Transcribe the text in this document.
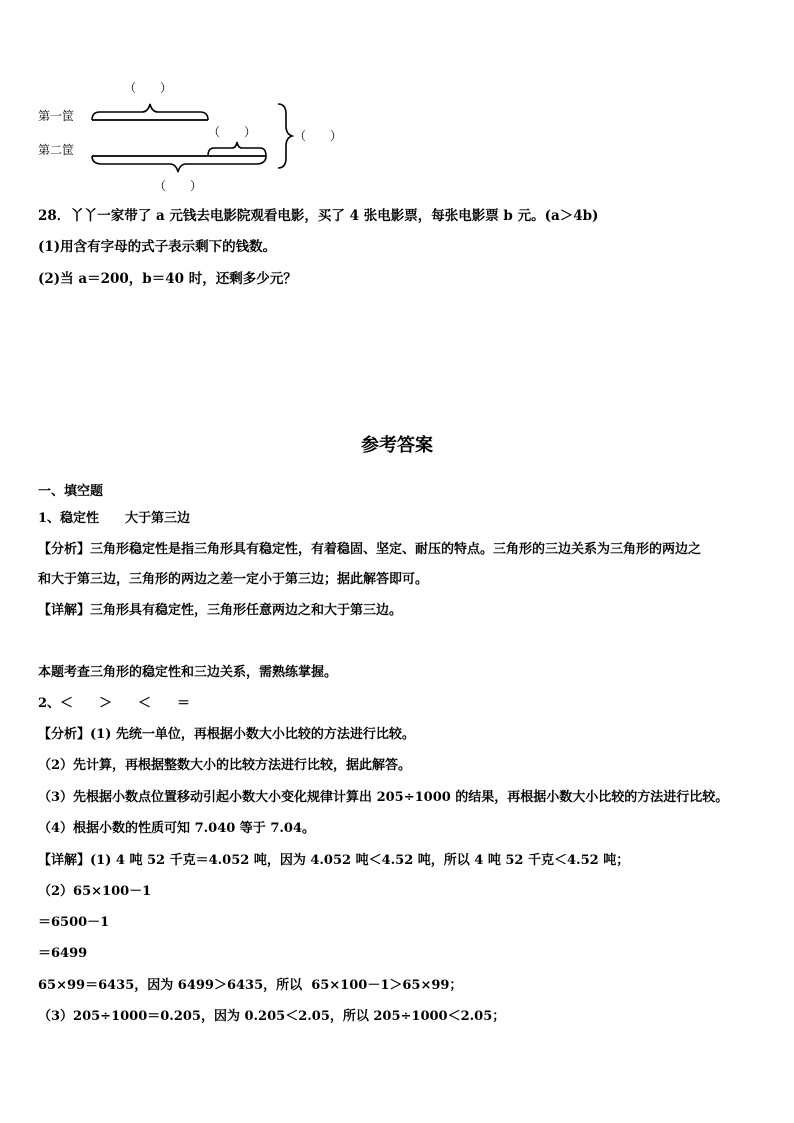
第一筐
第二筐
（　　）
（　　）
（　　）
（　　）
28．丫丫一家带了 a 元钱去电影院观看电影，买了 4 张电影票，每张电影票 b 元。(a＞4b)
(1)用含有字母的式子表示剩下的钱数。
(2)当 a＝200，b＝40 时，还剩多少元？
参考答案
一、填空题
1、稳定性　　大于第三边
【分析】三角形稳定性是指三角形具有稳定性，有着稳固、坚定、耐压的特点。三角形的三边关系为三角形的两边之
和大于第三边，三角形的两边之差一定小于第三边；据此解答即可。
【详解】三角形具有稳定性，三角形任意两边之和大于第三边。
本题考查三角形的稳定性和三边关系，需熟练掌握。
2、＜　　＞　　＜　　＝
【分析】(1) 先统一单位，再根据小数大小比较的方法进行比较。
（2）先计算，再根据整数大小的比较方法进行比较，据此解答。
（3）先根据小数点位置移动引起小数大小变化规律计算出 205÷1000 的结果，再根据小数大小比较的方法进行比较。
（4）根据小数的性质可知 7.040 等于 7.04。
【详解】(1) 4 吨 52 千克＝4.052 吨，因为 4.052 吨＜4.52 吨，所以 4 吨 52 千克＜4.52 吨；
（2）65×100－1
＝6500－1
＝6499
65×99＝6435，因为 6499＞6435，所以  65×100－1＞65×99；
（3）205÷1000＝0.205，因为 0.205＜2.05，所以 205÷1000＜2.05；
